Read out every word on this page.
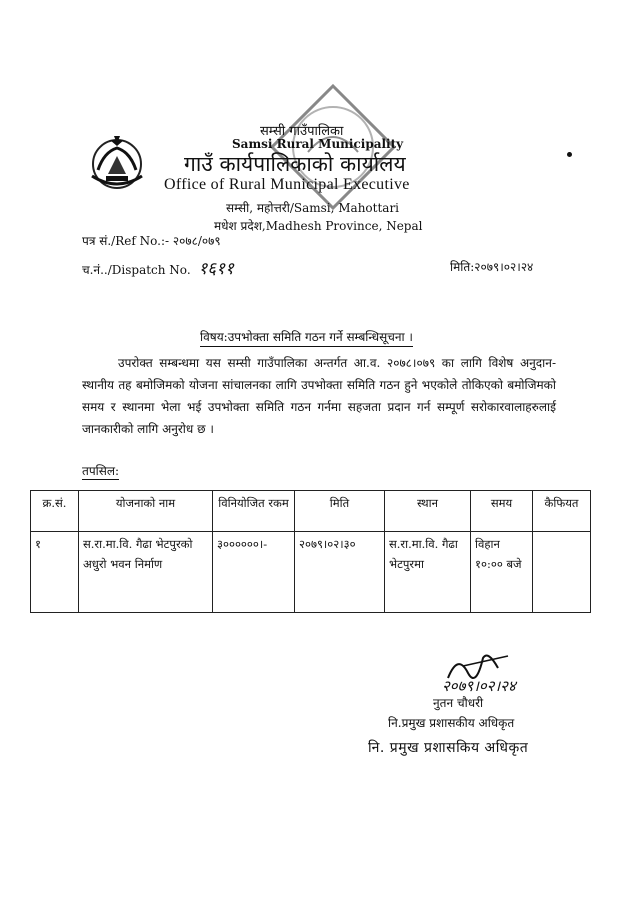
सम्सी गाउँपालिका
Samsi Rural Municipality
गाउँ कार्यपालिकाको कार्यालय
Office of Rural Municipal Executive
सम्सी, महोत्तरी/Samsi, Mahottari
मधेश प्रदेश,Madhesh Province, Nepal
पत्र सं./Ref No.:- २०७८/०७९
च.नं../Dispatch No. १६११	मिति:२०७९।०२।२४
विषय:उपभोक्ता समिति गठन गर्ने सम्बन्धिसूचना ।

उपरोक्त सम्बन्धमा यस सम्सी गाउँपालिका अन्तर्गत आ.व. २०७८।०७९ का लागि विशेष अनुदान-स्थानीय तह बमोजिमको योजना सांचालनका लागि उपभोक्ता समिति गठन हुने भएकोले तोकिएको बमोजिमको समय र स्थानमा भेला भई उपभोक्ता समिति गठन गर्नमा सहजता प्रदान गर्न सम्पूर्ण सरोकारवालाहरुलाई जानकारीको लागि अनुरोध छ ।

तपसिल:
क्र.सं.	योजनाको नाम	विनियोजित रकम	मिति	स्थान	समय	कैफियत
१	स.रा.मा.वि. गैढा भेटपुरको अधुरो भवन निर्माण	३००००००।-	२०७९।०२।३०	स.रा.मा.वि. गैढा भेटपुरमा	विहान १०:०० बजे	
२०७९।०२।२४
नुतन चौधरी
नि.प्रमुख प्रशासकीय अधिकृत
नि. प्रमुख प्रशासकिय अधिकृत
